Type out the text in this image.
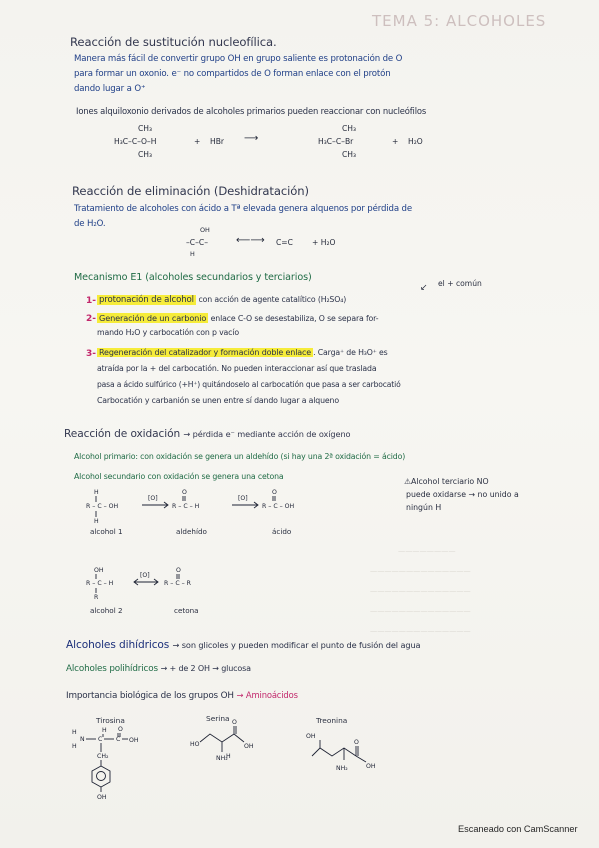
TEMA 5: ALCOHOLES
Reacción de sustitución nucleofílica.
Manera más fácil de convertir grupo OH en grupo saliente es protonación de O
para formar un oxonio. e⁻ no compartidos de O forman enlace con el protón
dando lugar a O⁺
Iones alquiloxonio derivados de alcoholes primarios pueden reaccionar con nucleófilos
CH₃
H₃C–C–O–H
CH₃
+ HBr ⟶
CH₃
H₃C–C–Br
CH₃
+ H₂O
Reacción de eliminación (Deshidratación)
Tratamiento de alcoholes con ácido a Tª elevada genera alquenos por pérdida de
de H₂O.
OH
–C–C–
H
⟵⟶ C=C	+ H₂O
Mecanismo E1 (alcoholes secundarios y terciarios)
el + común
↙
1- protonación de alcohol con acción de agente catalítico (H₂SO₄)
2- Generación de un carbonio enlace C-O se desestabiliza, O se separa for-
mando H₂O y carbocatión con p vacío
3- Regeneración del catalizador y formación doble enlace . Carga⁺ de H₃O⁺ es
atraída por la + del carbocatión. No pueden interaccionar así que traslada
pasa a ácido sulfúrico (+H⁺) quitándoselo al carbocatión que pasa a ser carbocatió
Carbocatión y carbanión se unen entre sí dando lugar a alqueno
Reacción de oxidación → pérdida e⁻ mediante acción de oxígeno
Alcohol primario: con oxidación se genera un aldehído (si hay una 2ª oxidación = ácido)
Alcohol secundario con oxidación se genera una cetona
⚠Alcohol terciario NO
puede oxidarse → no unido a
ningún H
H
R – C – OH
H
[O]
O
R – C – H
[O]
O
R – C – OH
alcohol 1	aldehído	ácido
OH
R – C – H
R
[O]
O
R – C – R
alcohol 2	cetona
————————
——————————————
——————————————
——————————————
——————————————
Alcoholes dihídricos → son glicoles y pueden modificar el punto de fusión del agua
Alcoholes polihídricos → + de 2 OH → glucosa
Importancia biológica de los grupos OH → Aminoácidos
Tirosina	Serina	Treonina
H
H
N
H
C C
O
OH
CH₂
OH
HO
O
OH
NH₂
H
OH
O
OH
NH₂
Escaneado con CamScanner
